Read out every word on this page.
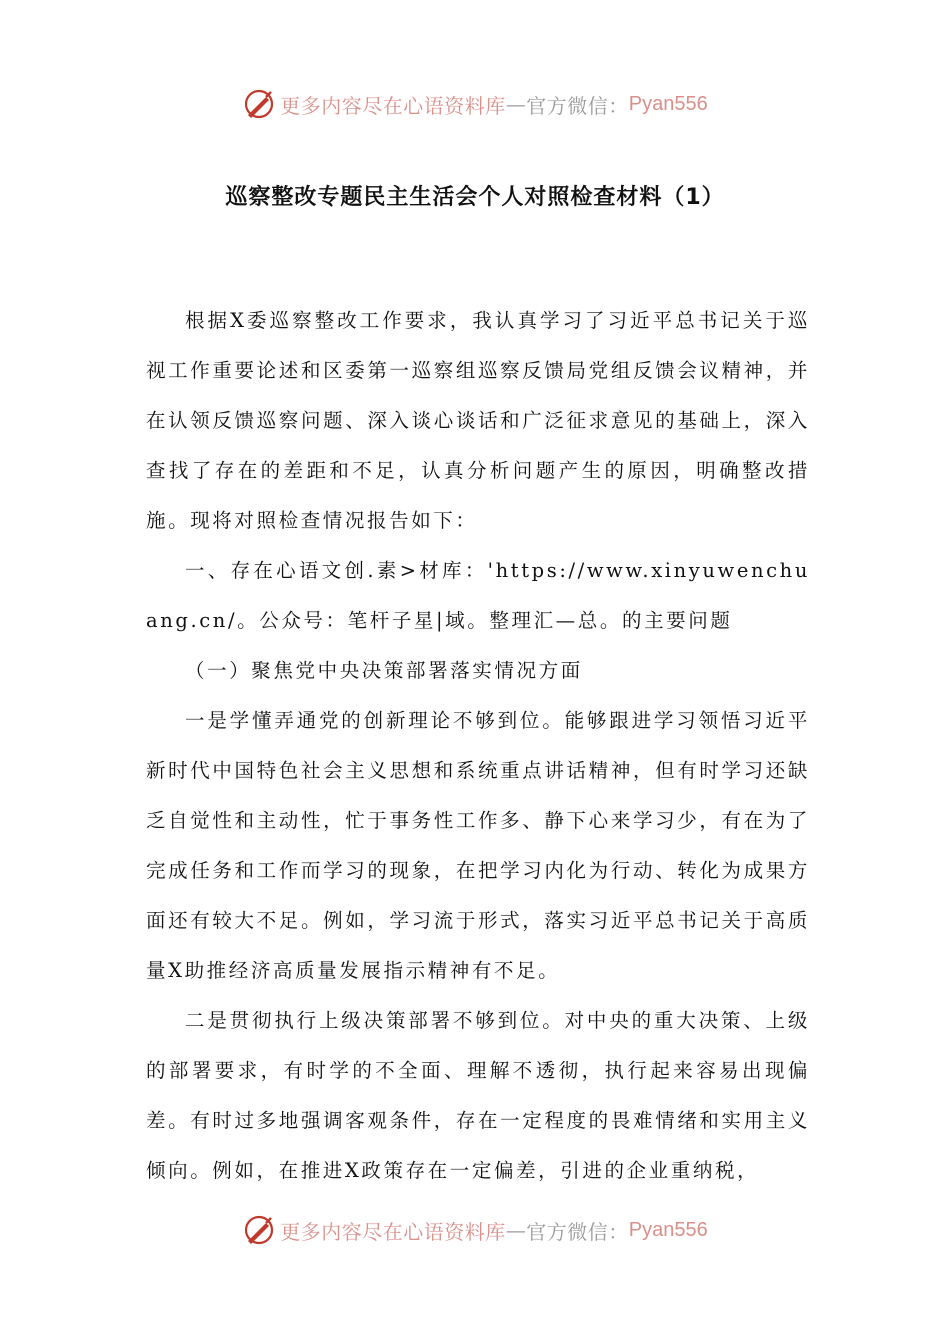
更多内容尽在心语资料库 — 官方微信： Pyan556
巡察整改专题民主生活会个人对照检查材料（1）

根据X委巡察整改工作要求，我认真学习了习近平总书记关于巡视工作重要论述和区委第一巡察组巡察反馈局党组反馈会议精神，并在认领反馈巡察问题、深入谈心谈话和广泛征求意见的基础上，深入查找了存在的差距和不足，认真分析问题产生的原因，明确整改措施。现将对照检查情况报告如下：

一、存在心语文创.素>材库：'https://www.xinyuwenchuang.cn/。公众号：笔杆子星|域。整理汇—总。的主要问题

（一）聚焦党中央决策部署落实情况方面

一是学懂弄通党的创新理论不够到位。能够跟进学习领悟习近平新时代中国特色社会主义思想和系统重点讲话精神，但有时学习还缺乏自觉性和主动性，忙于事务性工作多、静下心来学习少，有在为了完成任务和工作而学习的现象，在把学习内化为行动、转化为成果方面还有较大不足。例如，学习流于形式，落实习近平总书记关于高质量X助推经济高质量发展指示精神有不足。

二是贯彻执行上级决策部署不够到位。对中央的重大决策、上级的部署要求，有时学的不全面、理解不透彻，执行起来容易出现偏差。有时过多地强调客观条件，存在一定程度的畏难情绪和实用主义倾向。例如，在推进X政策存在一定偏差，引进的企业重纳税，

更多内容尽在心语资料库 — 官方微信： Pyan556
